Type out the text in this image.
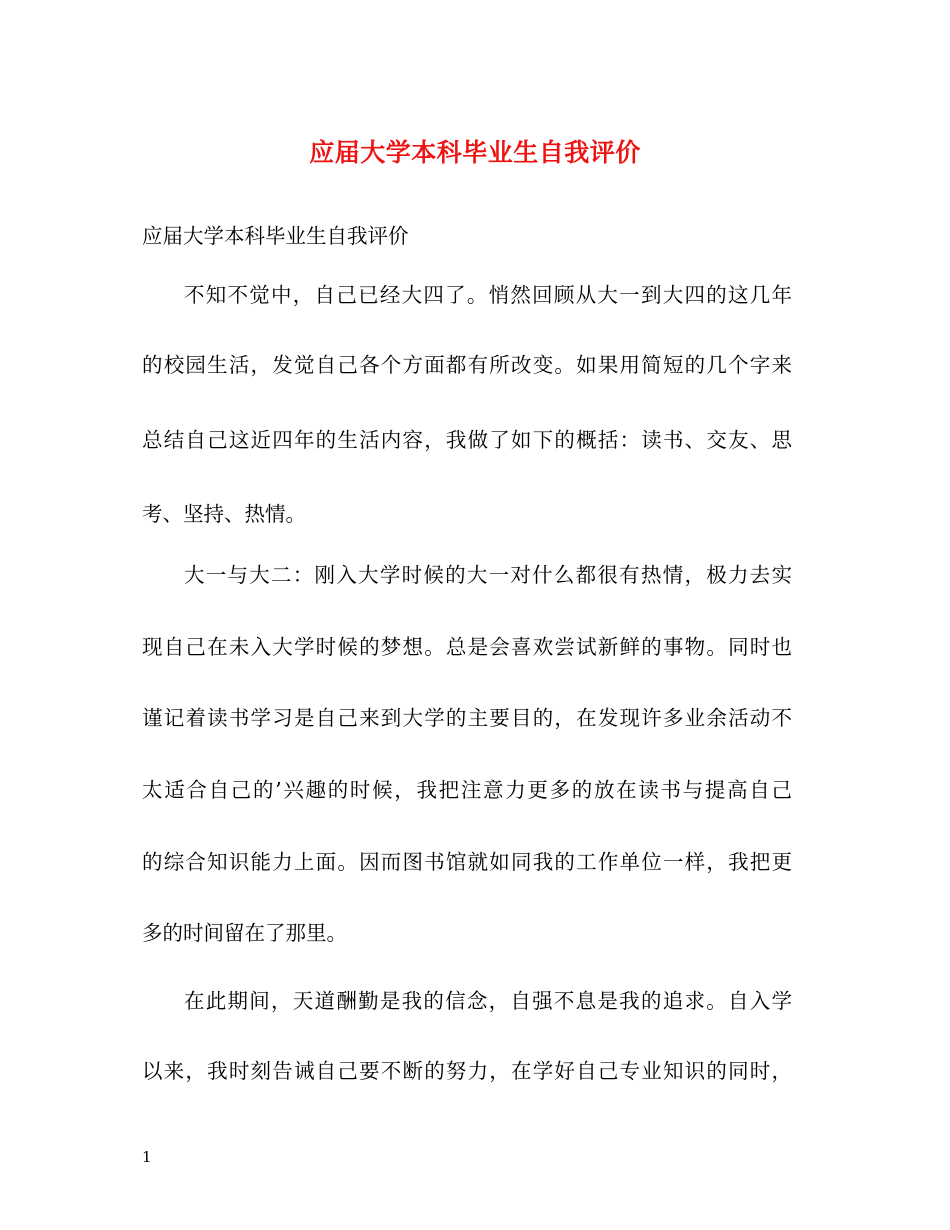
应届大学本科毕业生自我评价
应届大学本科毕业生自我评价
不知不觉中，自己已经大四了。悄然回顾从大一到大四的这几年
的校园生活，发觉自己各个方面都有所改变。如果用简短的几个字来
总结自己这近四年的生活内容，我做了如下的概括：读书、交友、思
考、坚持、热情。
大一与大二：刚入大学时候的大一对什么都很有热情，极力去实
现自己在未入大学时候的梦想。总是会喜欢尝试新鲜的事物。同时也
谨记着读书学习是自己来到大学的主要目的，在发现许多业余活动不
太适合自己的’兴趣的时候，我把注意力更多的放在读书与提高自己
的综合知识能力上面。因而图书馆就如同我的工作单位一样，我把更
多的时间留在了那里。
在此期间，天道酬勤是我的信念，自强不息是我的追求。自入学
以来，我时刻告诫自己要不断的努力，在学好自己专业知识的同时，
1
